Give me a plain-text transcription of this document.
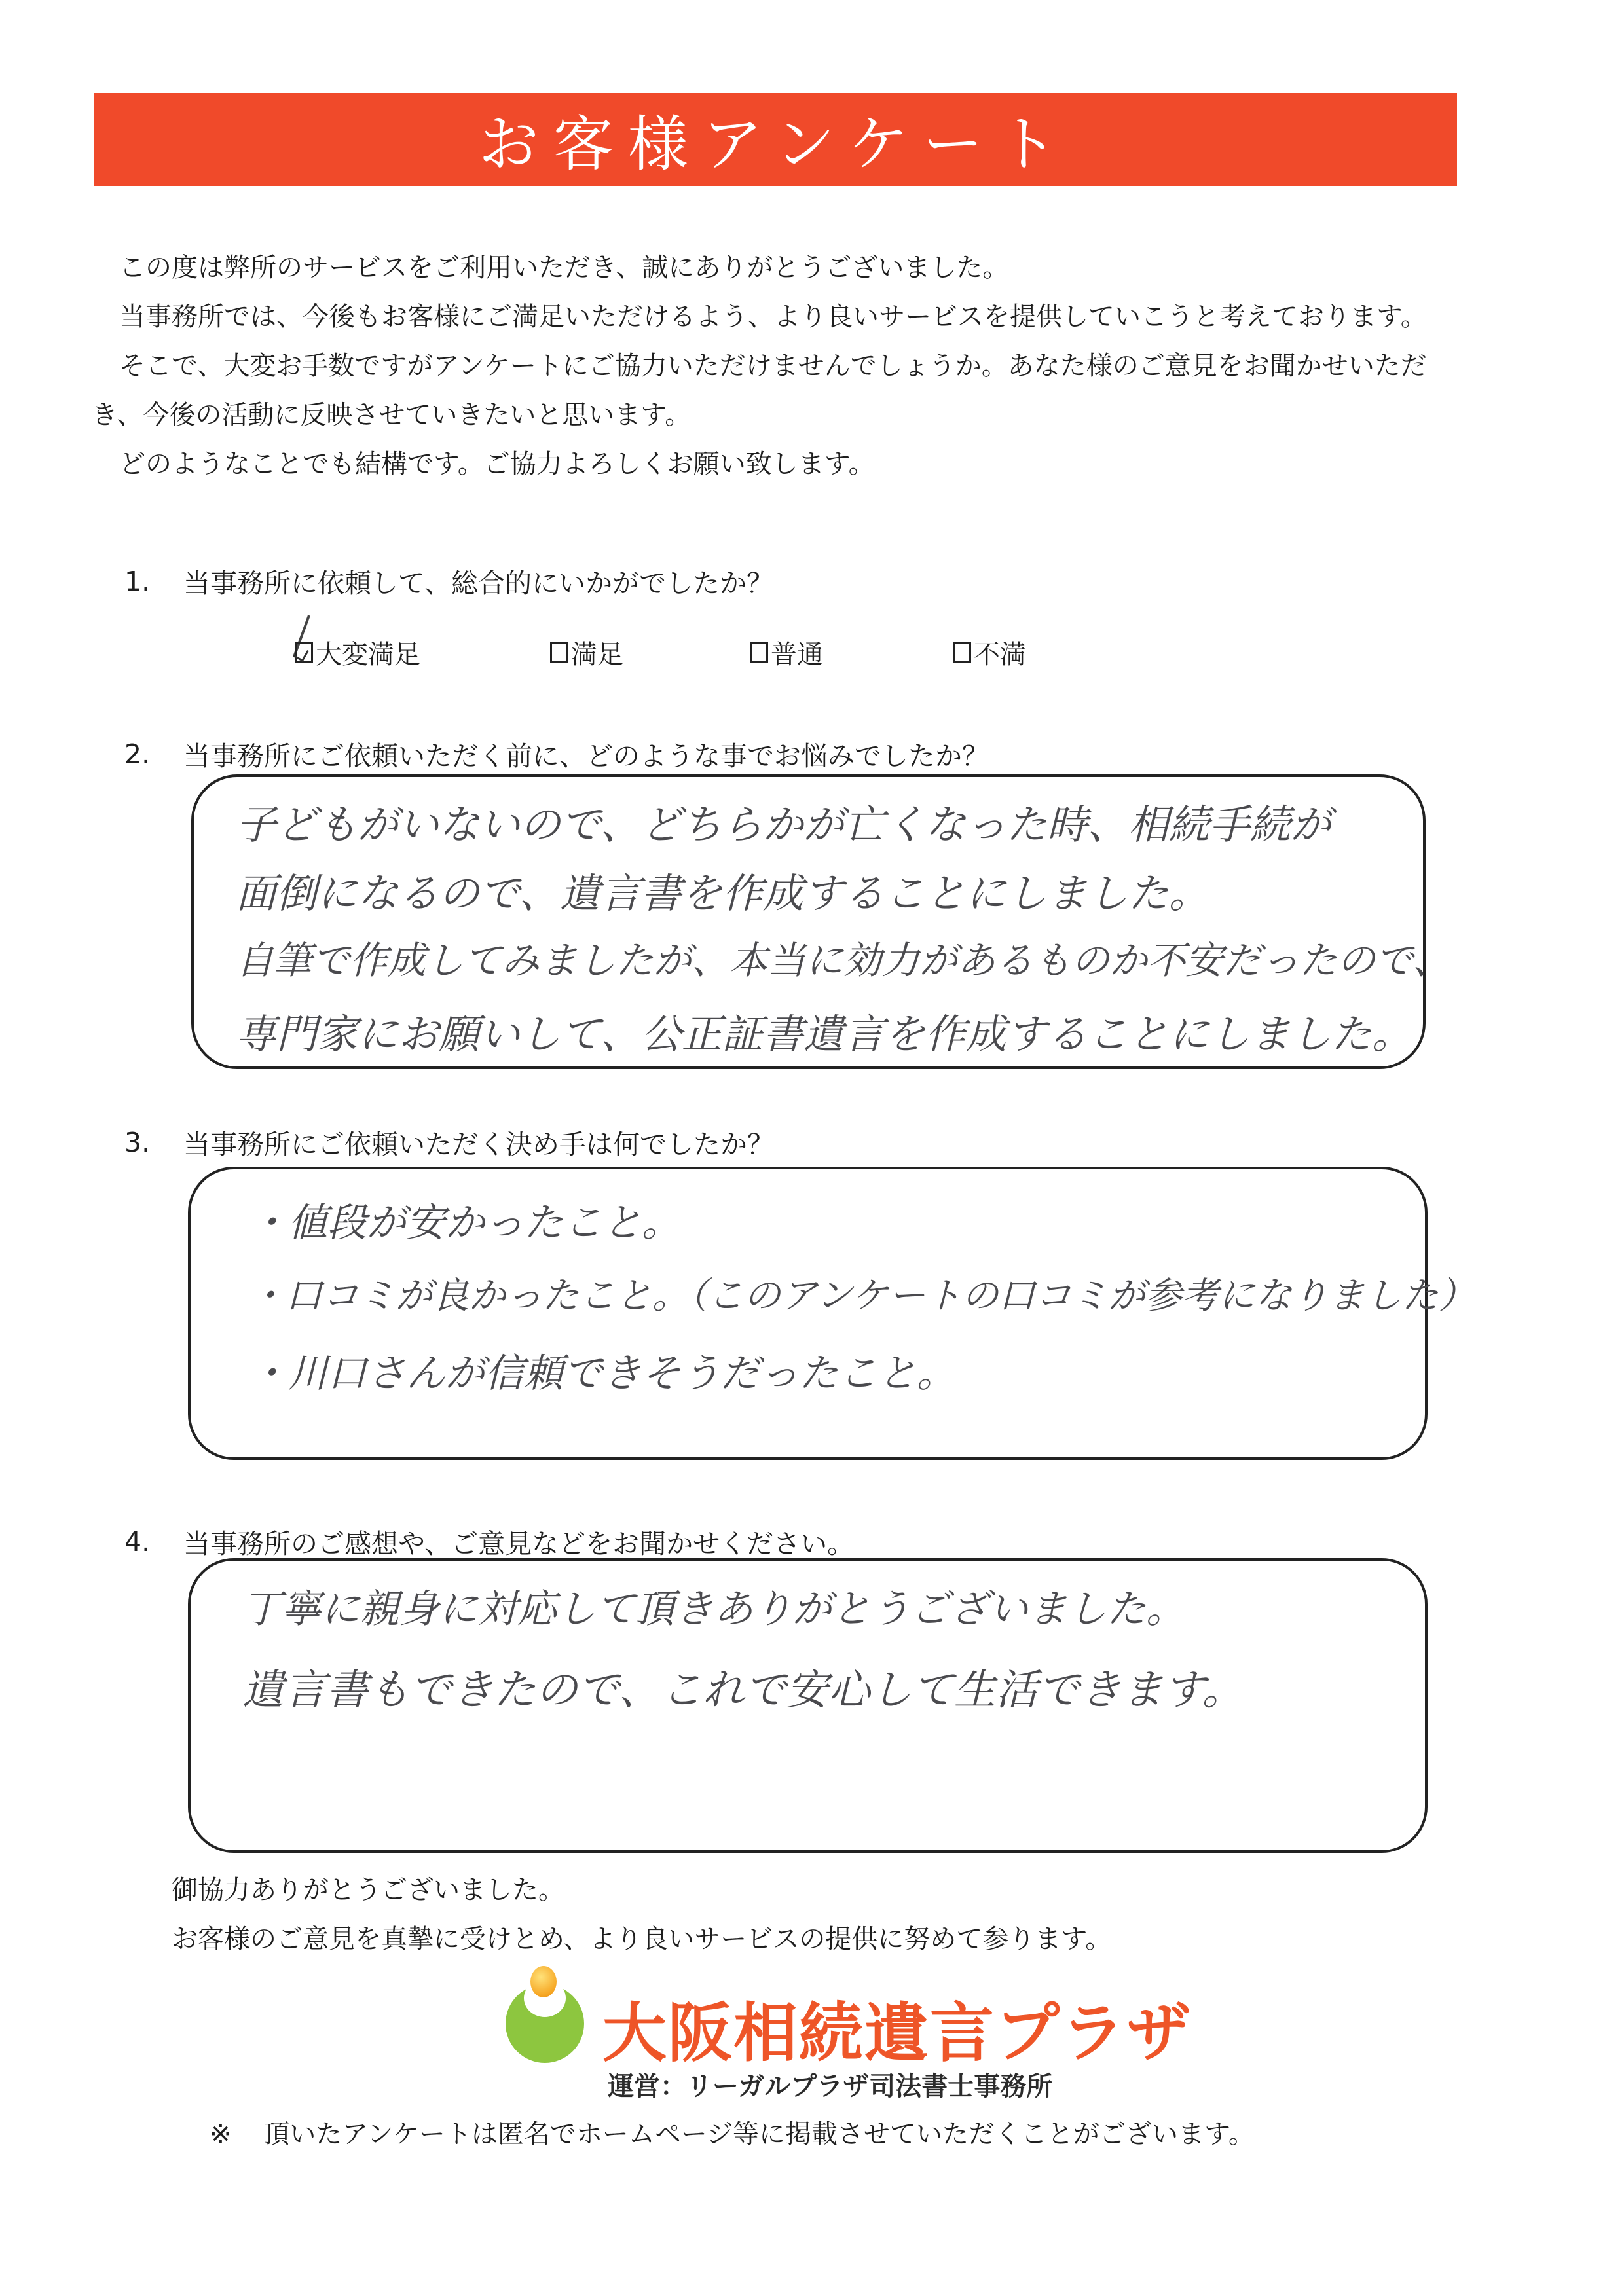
お客様アンケート

この度は弊所のサービスをご利用いただき、誠にありがとうございました。

当事務所では、今後もお客様にご満足いただけるよう、より良いサービスを提供していこうと考えております。

そこで、大変お手数ですがアンケートにご協力いただけませんでしょうか。あなた様のご意見をお聞かせいただき、今後の活動に反映させていきたいと思います。

どのようなことでも結構です。ご協力よろしくお願い致します。

1.	当事務所に依頼して、総合的にいかがでしたか？
大変満足	満足	普通	不満
2.	当事務所にご依頼いただく前に、どのような事でお悩みでしたか？
子どもがいないので、どちらかが亡くなった時、相続手続が
面倒になるので、遺言書を作成することにしました。
自筆で作成してみましたが、本当に効力があるものか不安だったので、
専門家にお願いして、公正証書遺言を作成することにしました。
3.	当事務所にご依頼いただく決め手は何でしたか？
・値段が安かったこと。
・口コミが良かったこと。（このアンケートの口コミが参考になりました）
・川口さんが信頼できそうだったこと。
4.	当事務所のご感想や、ご意見などをお聞かせください。
丁寧に親身に対応して頂きありがとうございました。
遺言書もできたので、これで安心して生活できます。

御協力ありがとうございました。

お客様のご意見を真摯に受けとめ、より良いサービスの提供に努めて参ります。

大阪相続遺言プラザ
運営：リーガルプラザ司法書士事務所
※ 頂いたアンケートは匿名でホームページ等に掲載させていただくことがございます。
